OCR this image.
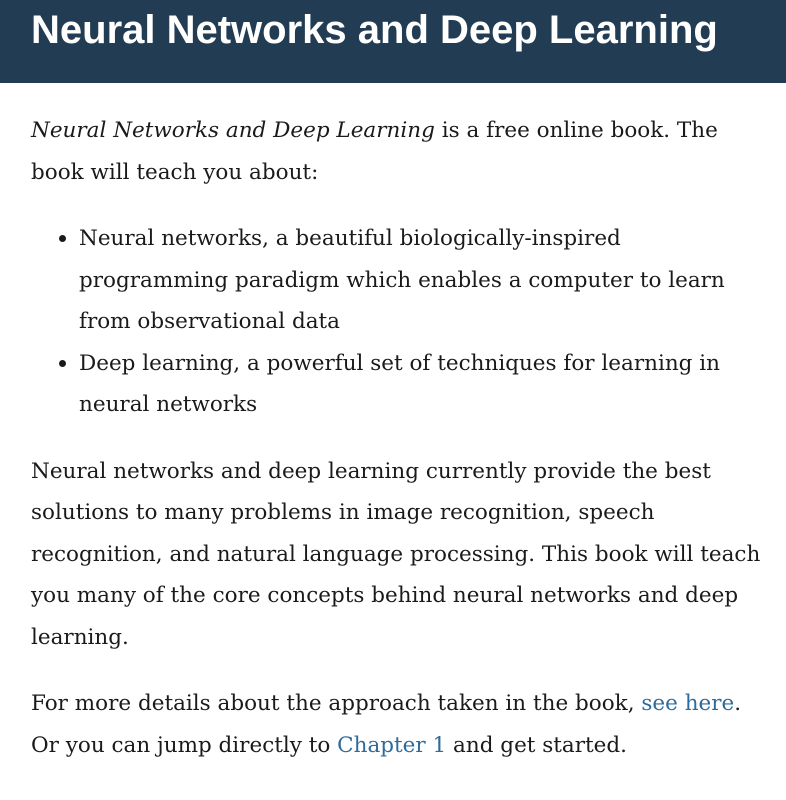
Neural Networks and Deep Learning

Neural Networks and Deep Learning is a free online book. The book will teach you about:

Neural networks, a beautiful biologically-inspired programming paradigm which enables a computer to learn from observational data
Deep learning, a powerful set of techniques for learning in neural networks

Neural networks and deep learning currently provide the best solutions to many problems in image recognition, speech recognition, and natural language processing. This book will teach you many of the core concepts behind neural networks and deep learning.

For more details about the approach taken in the book, see here. Or you can jump directly to Chapter 1 and get started.
